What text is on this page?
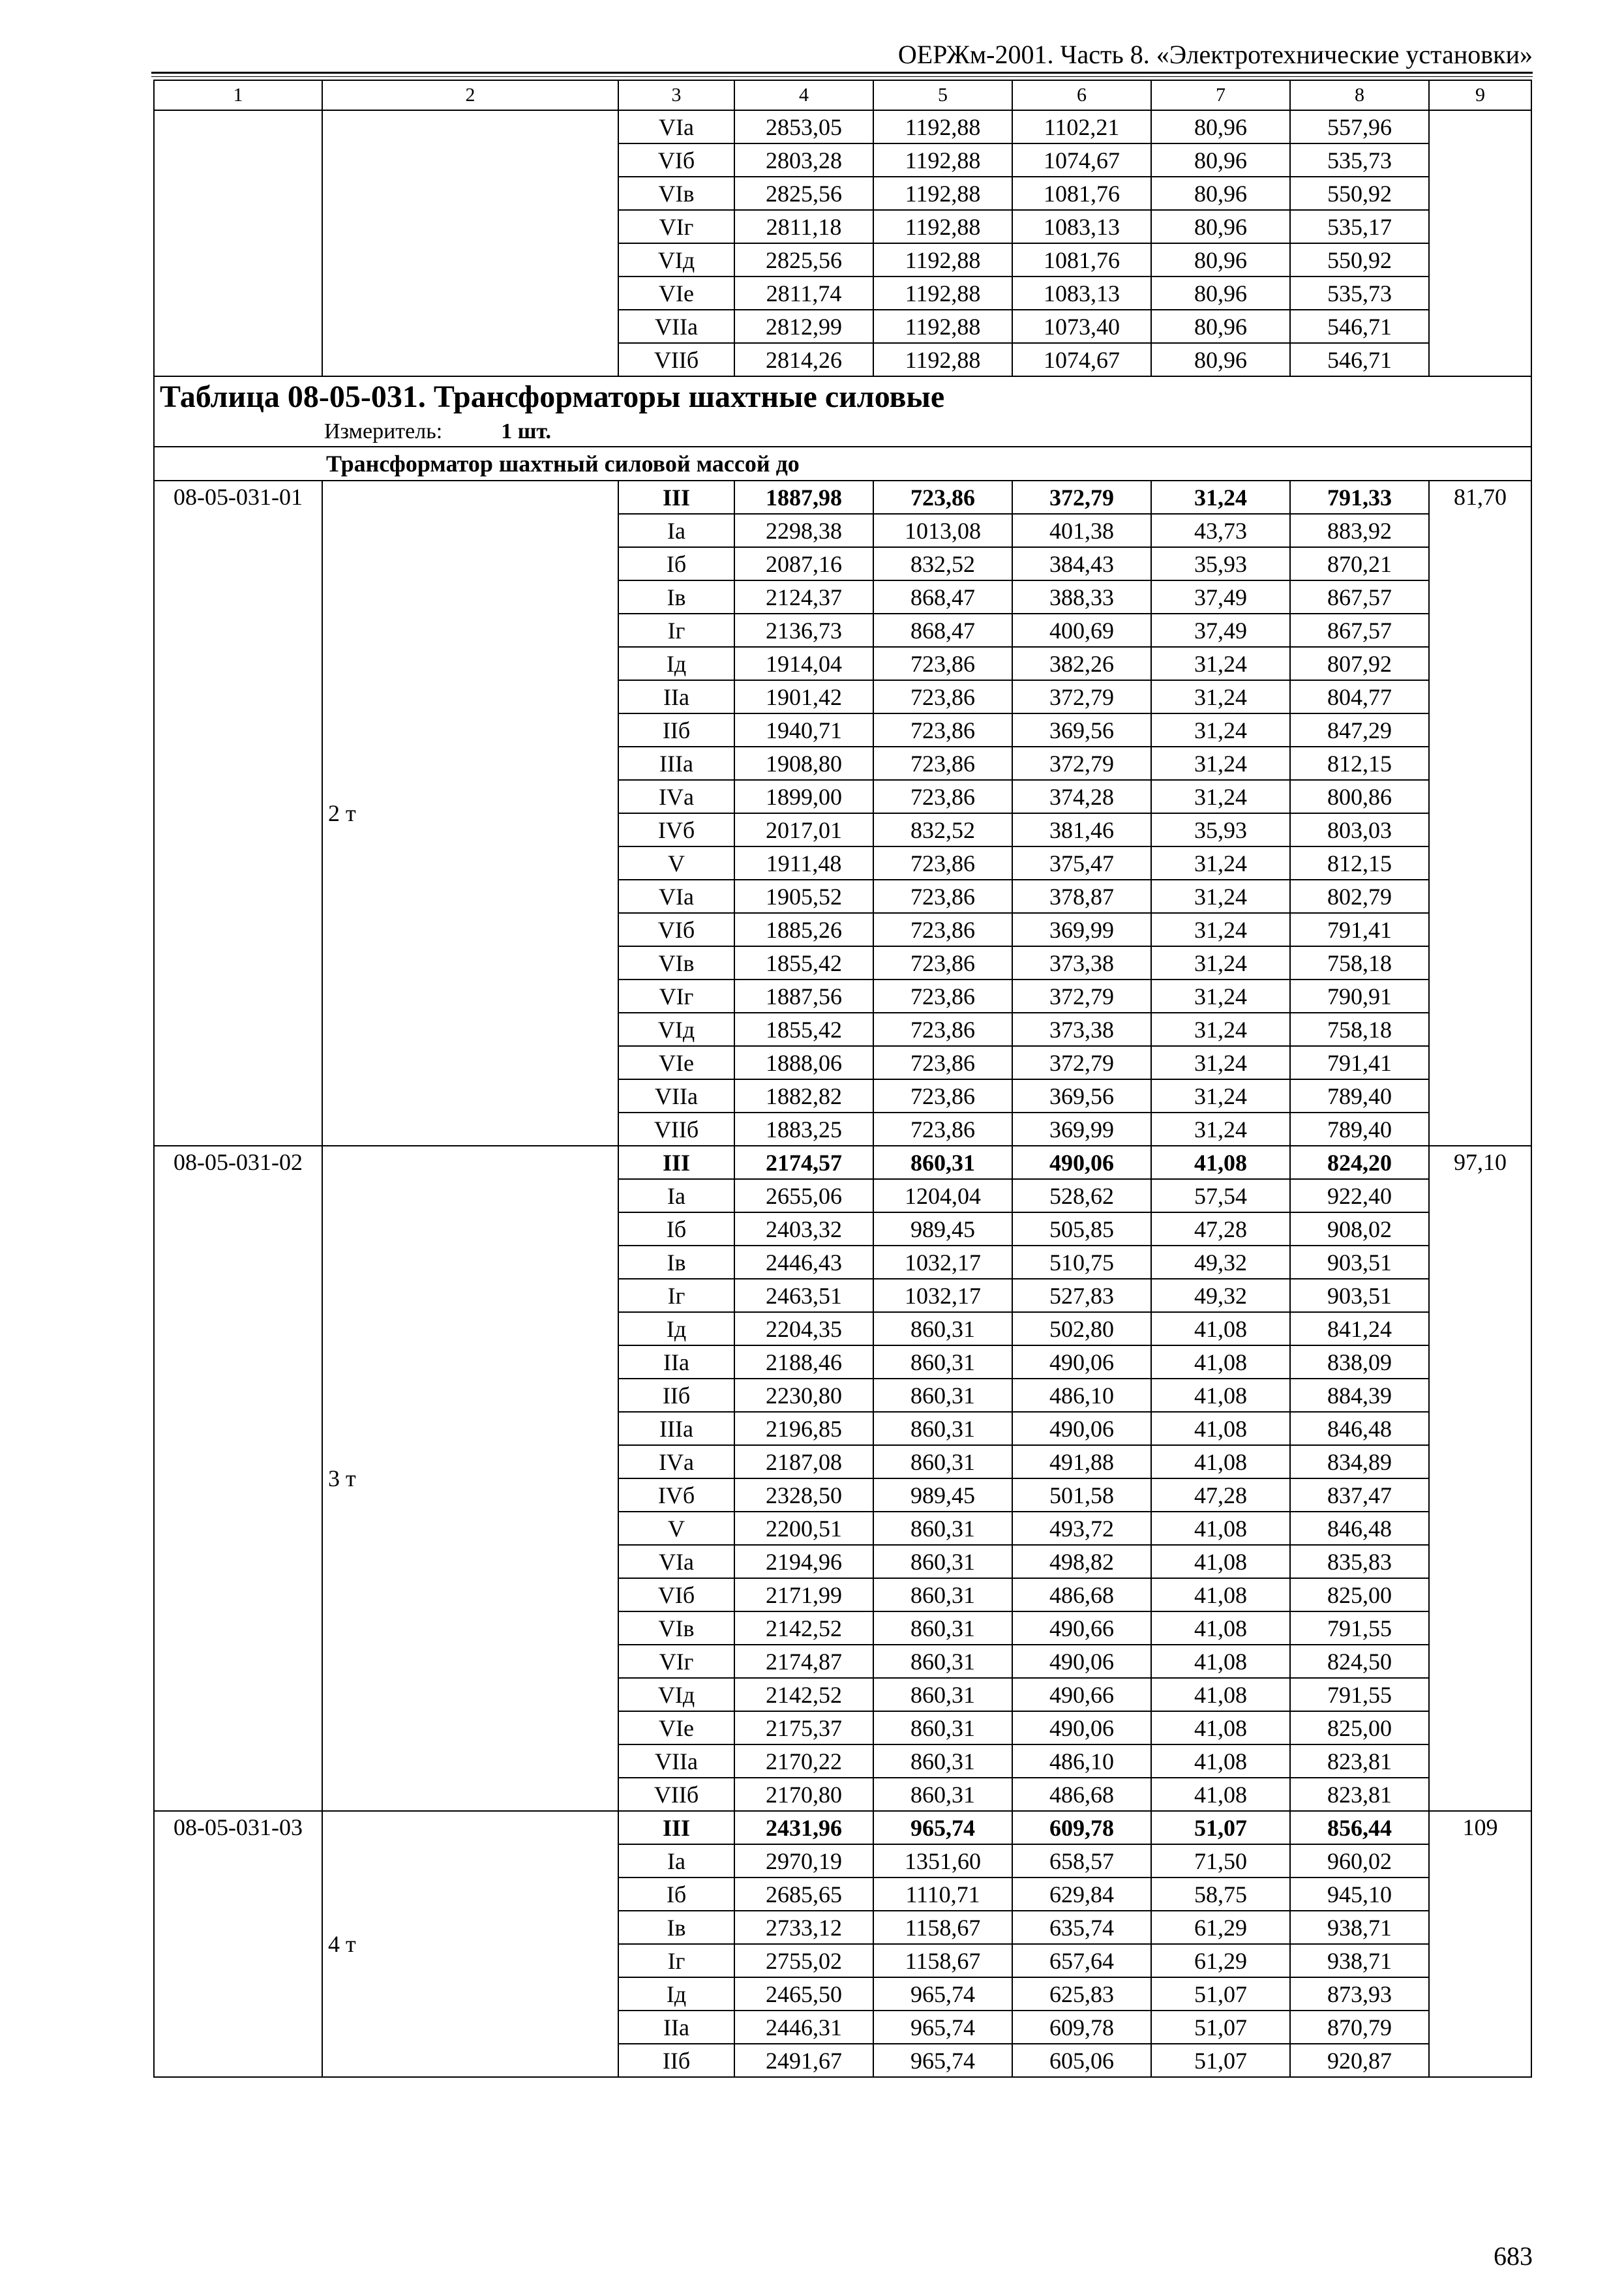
ОЕРЖм-2001. Часть 8. «Электротехнические установки»
1	2	3	4	5	6	7	8	9
		VIа	2853,05	1192,88	1102,21	80,96	557,96	
		VIб	2803,28	1192,88	1074,67	80,96	535,73	
		VIв	2825,56	1192,88	1081,76	80,96	550,92	
		VIг	2811,18	1192,88	1083,13	80,96	535,17	
		VIд	2825,56	1192,88	1081,76	80,96	550,92	
		VIе	2811,74	1192,88	1083,13	80,96	535,73	
		VIIа	2812,99	1192,88	1073,40	80,96	546,71	
		VIIб	2814,26	1192,88	1074,67	80,96	546,71	
Таблица 08-05-031. Трансформаторы шахтные силовые								
Измеритель: 1 шт.								
Трансформатор шахтный силовой массой до								
08-05-031-01	2 т	III	1887,98	723,86	372,79	31,24	791,33	81,70
		Iа	2298,38	1013,08	401,38	43,73	883,92	
		Iб	2087,16	832,52	384,43	35,93	870,21	
		Iв	2124,37	868,47	388,33	37,49	867,57	
		Iг	2136,73	868,47	400,69	37,49	867,57	
		Iд	1914,04	723,86	382,26	31,24	807,92	
		IIа	1901,42	723,86	372,79	31,24	804,77	
		IIб	1940,71	723,86	369,56	31,24	847,29	
		IIIа	1908,80	723,86	372,79	31,24	812,15	
		IVа	1899,00	723,86	374,28	31,24	800,86	
		IVб	2017,01	832,52	381,46	35,93	803,03	
		V	1911,48	723,86	375,47	31,24	812,15	
		VIа	1905,52	723,86	378,87	31,24	802,79	
		VIб	1885,26	723,86	369,99	31,24	791,41	
		VIв	1855,42	723,86	373,38	31,24	758,18	
		VIг	1887,56	723,86	372,79	31,24	790,91	
		VIд	1855,42	723,86	373,38	31,24	758,18	
		VIе	1888,06	723,86	372,79	31,24	791,41	
		VIIа	1882,82	723,86	369,56	31,24	789,40	
		VIIб	1883,25	723,86	369,99	31,24	789,40	
08-05-031-02	3 т	III	2174,57	860,31	490,06	41,08	824,20	97,10
		Iа	2655,06	1204,04	528,62	57,54	922,40	
		Iб	2403,32	989,45	505,85	47,28	908,02	
		Iв	2446,43	1032,17	510,75	49,32	903,51	
		Iг	2463,51	1032,17	527,83	49,32	903,51	
		Iд	2204,35	860,31	502,80	41,08	841,24	
		IIа	2188,46	860,31	490,06	41,08	838,09	
		IIб	2230,80	860,31	486,10	41,08	884,39	
		IIIа	2196,85	860,31	490,06	41,08	846,48	
		IVа	2187,08	860,31	491,88	41,08	834,89	
		IVб	2328,50	989,45	501,58	47,28	837,47	
		V	2200,51	860,31	493,72	41,08	846,48	
		VIа	2194,96	860,31	498,82	41,08	835,83	
		VIб	2171,99	860,31	486,68	41,08	825,00	
		VIв	2142,52	860,31	490,66	41,08	791,55	
		VIг	2174,87	860,31	490,06	41,08	824,50	
		VIд	2142,52	860,31	490,66	41,08	791,55	
		VIе	2175,37	860,31	490,06	41,08	825,00	
		VIIа	2170,22	860,31	486,10	41,08	823,81	
		VIIб	2170,80	860,31	486,68	41,08	823,81	
08-05-031-03	4 т	III	2431,96	965,74	609,78	51,07	856,44	109
		Iа	2970,19	1351,60	658,57	71,50	960,02	
		Iб	2685,65	1110,71	629,84	58,75	945,10	
		Iв	2733,12	1158,67	635,74	61,29	938,71	
		Iг	2755,02	1158,67	657,64	61,29	938,71	
		Iд	2465,50	965,74	625,83	51,07	873,93	
		IIа	2446,31	965,74	609,78	51,07	870,79	
		IIб	2491,67	965,74	605,06	51,07	920,87	
683
